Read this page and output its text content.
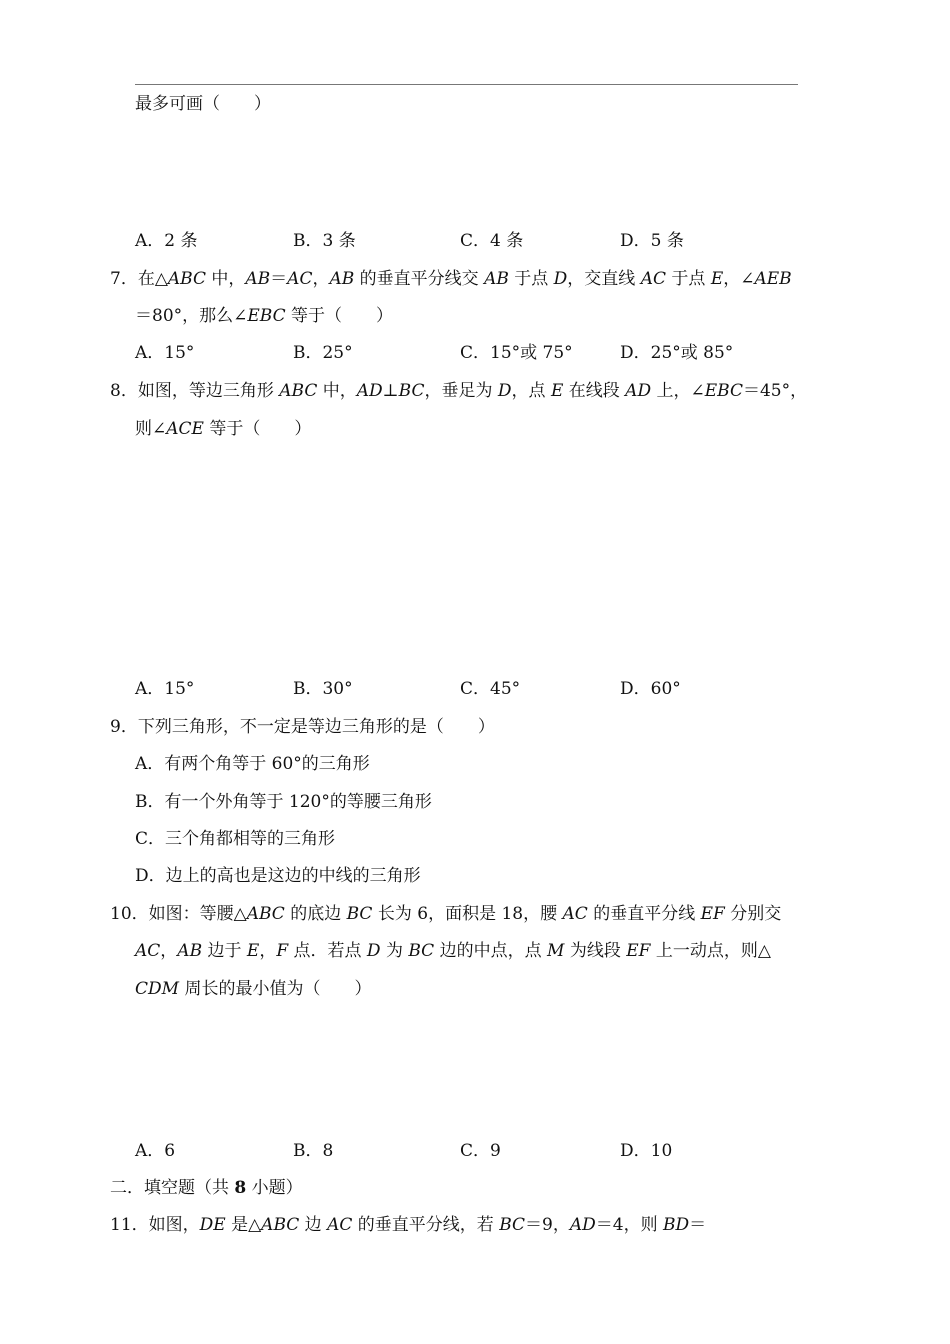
最多可画（　　）
A．2 条	B．3 条	C．4 条	D．5 条
7．在△ABC 中，AB＝AC，AB 的垂直平分线交 AB 于点 D，交直线 AC 于点 E，∠AEB
＝80°，那么∠EBC 等于（　　）
A．15°	B．25°	C．15°或 75°	D．25°或 85°
8．如图，等边三角形 ABC 中，AD⊥BC，垂足为 D，点 E 在线段 AD 上，∠EBC＝45°，
则∠ACE 等于（　　）
A．15°	B．30°	C．45°	D．60°
9．下列三角形，不一定是等边三角形的是（　　）
A．有两个角等于 60°的三角形
B．有一个外角等于 120°的等腰三角形
C．三个角都相等的三角形
D．边上的高也是这边的中线的三角形
10．如图：等腰△ABC 的底边 BC 长为 6，面积是 18，腰 AC 的垂直平分线 EF 分别交
AC，AB 边于 E，F 点．若点 D 为 BC 边的中点，点 M 为线段 EF 上一动点，则△
CDM 周长的最小值为（　　）
A．6	B．8	C．9	D．10
二．填空题（共 8 小题）
11．如图，DE 是△ABC 边 AC 的垂直平分线，若 BC＝9，AD＝4，则 BD＝
